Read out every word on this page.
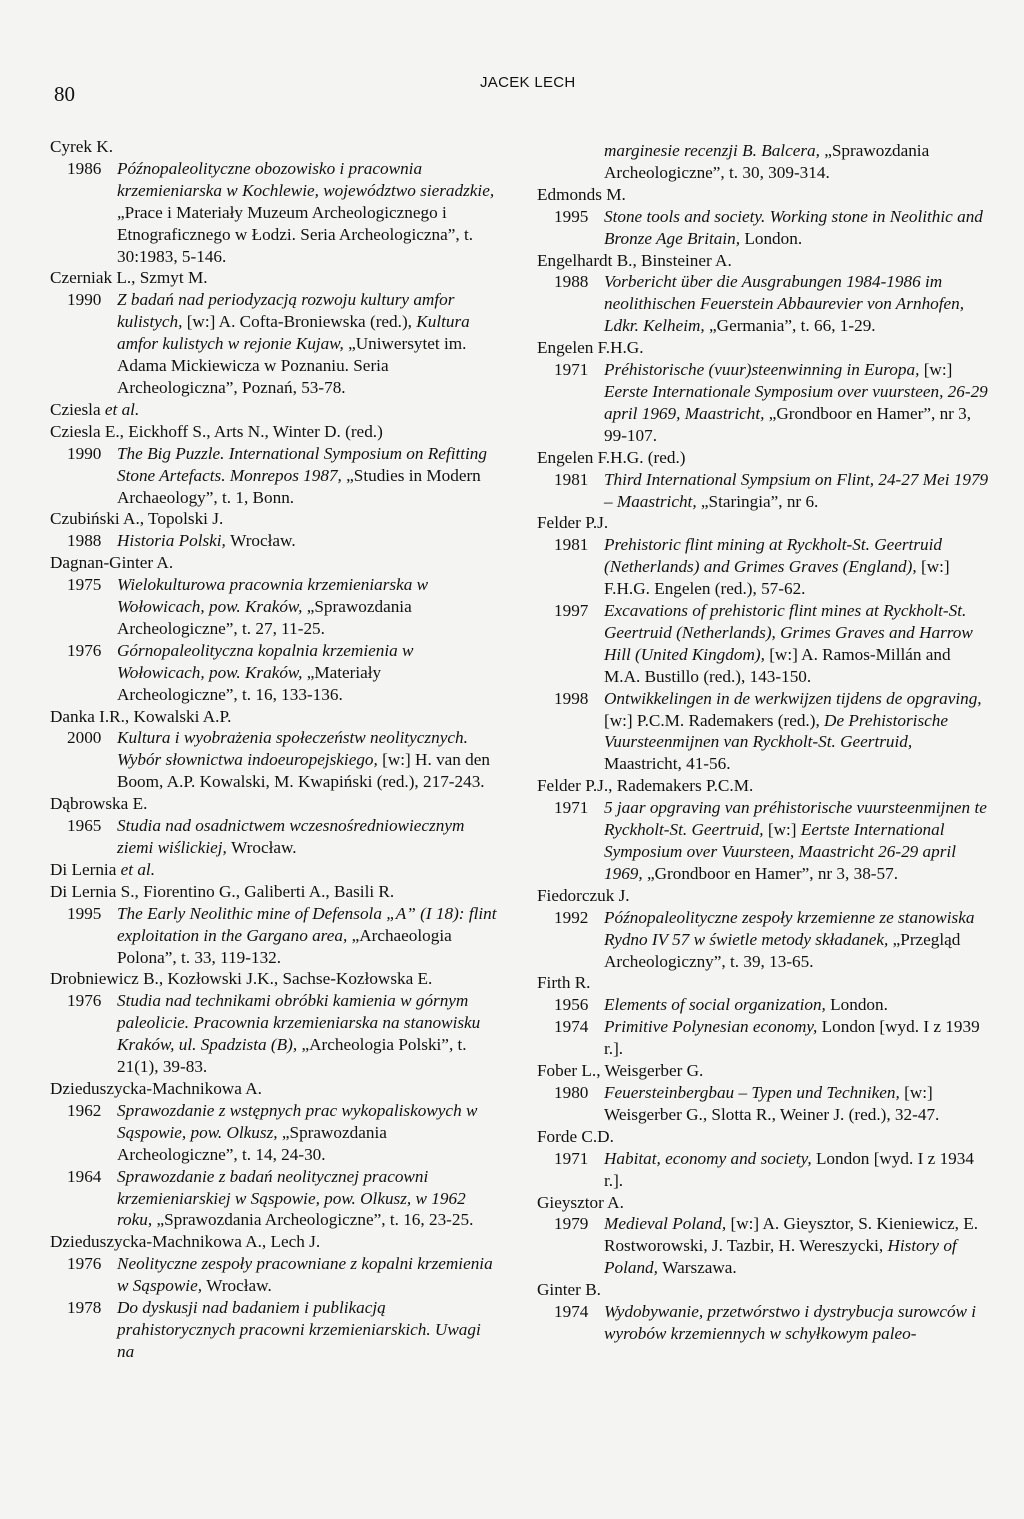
80	JACEK LECH

Cyrek K.

1986 Późnopaleolityczne obozowisko i pracownia krzemieniarska w Kochlewie, województwo sieradzkie, „Prace i Materiały Muzeum Archeologicznego i Etnograficznego w Łodzi. Seria Archeologiczna”, t. 30:1983, 5-146.

Czerniak L., Szmyt M.

1990 Z badań nad periodyzacją rozwoju kultury amfor kulistych, [w:] A. Cofta-Broniewska (red.), Kultura amfor kulistych w rejonie Kujaw, „Uniwersytet im. Adama Mickiewicza w Poznaniu. Seria Archeologiczna”, Poznań, 53-78.

Cziesla et al.

Cziesla E., Eickhoff S., Arts N., Winter D. (red.)

1990 The Big Puzzle. International Symposium on Refitting Stone Artefacts. Monrepos 1987, „Studies in Modern Archaeology”, t. 1, Bonn.

Czubiński A., Topolski J.

1988 Historia Polski, Wrocław.

Dagnan-Ginter A.

1975 Wielokulturowa pracownia krzemieniarska w Wołowicach, pow. Kraków, „Sprawozdania Archeologiczne”, t. 27, 11-25.

1976 Górnopaleolityczna kopalnia krzemienia w Wołowicach, pow. Kraków, „Materiały Archeologiczne”, t. 16, 133-136.

Danka I.R., Kowalski A.P.

2000 Kultura i wyobrażenia społeczeństw neolitycznych. Wybór słownictwa indoeuropejskiego, [w:] H. van den Boom, A.P. Kowalski, M. Kwapiński (red.), 217-243.

Dąbrowska E.

1965 Studia nad osadnictwem wczesnośredniowiecznym ziemi wiślickiej, Wrocław.

Di Lernia et al.

Di Lernia S., Fiorentino G., Galiberti A., Basili R.

1995 The Early Neolithic mine of Defensola „A” (I 18): flint exploitation in the Gargano area, „Archaeologia Polona”, t. 33, 119-132.

Drobniewicz B., Kozłowski J.K., Sachse-Kozłowska E.

1976 Studia nad technikami obróbki kamienia w górnym paleolicie. Pracownia krzemieniarska na stanowisku Kraków, ul. Spadzista (B), „Archeologia Polski”, t. 21(1), 39-83.

Dzieduszycka-Machnikowa A.

1962 Sprawozdanie z wstępnych prac wykopaliskowych w Sąspowie, pow. Olkusz, „Sprawozdania Archeologiczne”, t. 14, 24-30.

1964 Sprawozdanie z badań neolitycznej pracowni krzemieniarskiej w Sąspowie, pow. Olkusz, w 1962 roku, „Sprawozdania Archeologiczne”, t. 16, 23-25.

Dzieduszycka-Machnikowa A., Lech J.

1976 Neolityczne zespoły pracowniane z kopalni krzemienia w Sąspowie, Wrocław.

1978 Do dyskusji nad badaniem i publikacją prahistorycznych pracowni krzemieniarskich. Uwagi na

marginesie recenzji B. Balcera, „Sprawozdania Archeologiczne”, t. 30, 309-314.

Edmonds M.

1995 Stone tools and society. Working stone in Neolithic and Bronze Age Britain, London.

Engelhardt B., Binsteiner A.

1988 Vorbericht über die Ausgrabungen 1984-1986 im neolithischen Feuerstein Abbaurevier von Arnhofen, Ldkr. Kelheim, „Germania”, t. 66, 1-29.

Engelen F.H.G.

1971 Préhistorische (vuur)steenwinning in Europa, [w:] Eerste Internationale Symposium over vuursteen, 26-29 april 1969, Maastricht, „Grondboor en Hamer”, nr 3, 99-107.

Engelen F.H.G. (red.)

1981 Third International Sympsium on Flint, 24-27 Mei 1979 – Maastricht, „Staringia”, nr 6.

Felder P.J.

1981 Prehistoric flint mining at Ryckholt-St. Geertruid (Netherlands) and Grimes Graves (England), [w:] F.H.G. Engelen (red.), 57-62.

1997 Excavations of prehistoric flint mines at Ryckholt-St. Geertruid (Netherlands), Grimes Graves and Harrow Hill (United Kingdom), [w:] A. Ramos-Millán and M.A. Bustillo (red.), 143-150.

1998 Ontwikkelingen in de werkwijzen tijdens de opgraving, [w:] P.C.M. Rademakers (red.), De Prehistorische Vuursteenmijnen van Ryckholt-St. Geertruid, Maastricht, 41-56.

Felder P.J., Rademakers P.C.M.

1971 5 jaar opgraving van préhistorische vuursteenmijnen te Ryckholt-St. Geertruid, [w:] Eertste International Symposium over Vuursteen, Maastricht 26-29 april 1969, „Grondboor en Hamer”, nr 3, 38-57.

Fiedorczuk J.

1992 Późnopaleolityczne zespoły krzemienne ze stanowiska Rydno IV 57 w świetle metody składanek, „Przegląd Archeologiczny”, t. 39, 13-65.

Firth R.

1956 Elements of social organization, London.

1974 Primitive Polynesian economy, London [wyd. I z 1939 r.].

Fober L., Weisgerber G.

1980 Feuersteinbergbau – Typen und Techniken, [w:] Weisgerber G., Slotta R., Weiner J. (red.), 32-47.

Forde C.D.

1971 Habitat, economy and society, London [wyd. I z 1934 r.].

Gieysztor A.

1979 Medieval Poland, [w:] A. Gieysztor, S. Kieniewicz, E. Rostworowski, J. Tazbir, H. Wereszycki, History of Poland, Warszawa.

Ginter B.

1974 Wydobywanie, przetwórstwo i dystrybucja surowców i wyrobów krzemiennych w schyłkowym paleo-
